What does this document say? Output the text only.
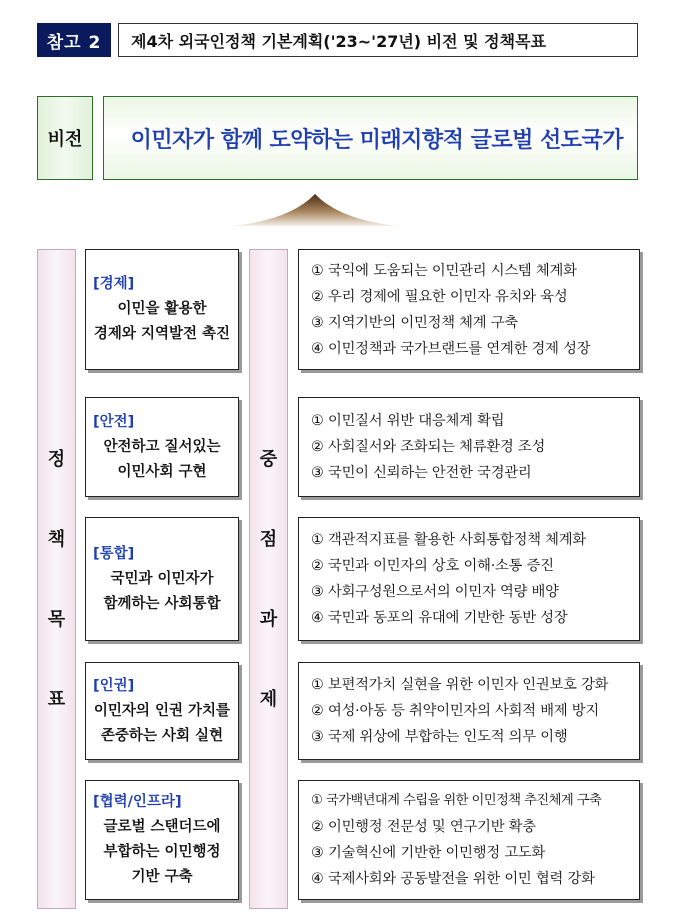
참고 2	제4차 외국인정책 기본계획('23~'27년) 비전 및 정책목표
비전	이민자가 함께 도약하는 미래지향적 글로벌 선도국가
정
책
목
표
중
점
과
제
[경제]
이민을 활용한
경제와 지역발전 촉진
① 국익에 도움되는 이민관리 시스템 체계화
② 우리 경제에 필요한 이민자 유치와 육성
③ 지역기반의 이민정책 체계 구축
④ 이민정책과 국가브랜드를 연계한 경제 성장
[안전]
안전하고 질서있는
이민사회 구현
① 이민질서 위반 대응체계 확립
② 사회질서와 조화되는 체류환경 조성
③ 국민이 신뢰하는 안전한 국경관리
[통합]
국민과 이민자가
함께하는 사회통합
① 객관적지표를 활용한 사회통합정책 체계화
② 국민과 이민자의 상호 이해·소통 증진
③ 사회구성원으로서의 이민자 역량 배양
④ 국민과 동포의 유대에 기반한 동반 성장
[인권]
이민자의 인권 가치를
존중하는 사회 실현
① 보편적가치 실현을 위한 이민자 인권보호 강화
② 여성·아동 등 취약이민자의 사회적 배제 방지
③ 국제 위상에 부합하는 인도적 의무 이행
[협력/인프라]
글로벌 스탠더드에
부합하는 이민행정
기반 구축
① 국가백년대계 수립을 위한 이민정책 추진체계 구축
② 이민행정 전문성 및 연구기반 확충
③ 기술혁신에 기반한 이민행정 고도화
④ 국제사회와 공동발전을 위한 이민 협력 강화
